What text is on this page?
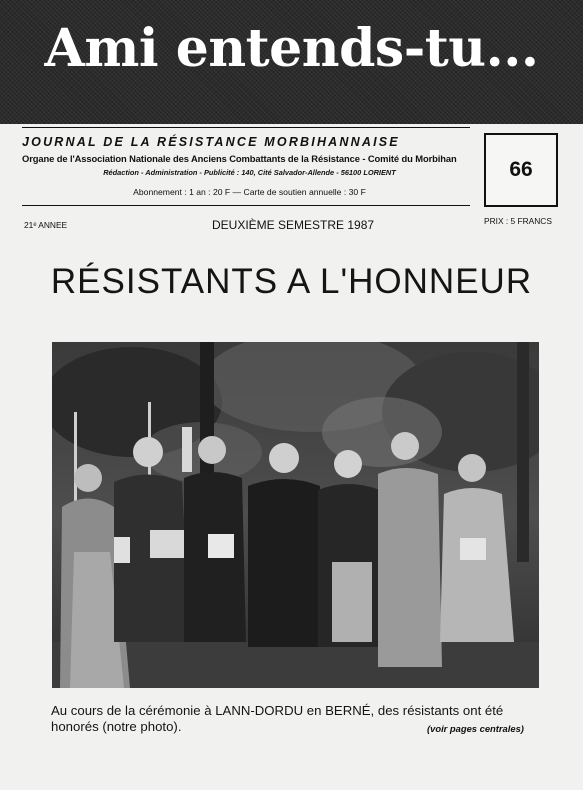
Ami entends-tu...
JOURNAL DE LA RÉSISTANCE MORBIHANNAISE
Organe de l'Association Nationale des Anciens Combattants de la Résistance - Comité du Morbihan
Rédaction - Administration - Publicité : 140, Cité Salvador-Allende - 56100 LORIENT
Abonnement : 1 an : 20 F — Carte de soutien annuelle : 30 F
66
21ᵉ ANNEE	DEUXIÈME SEMESTRE 1987	PRIX : 5 FRANCS
RÉSISTANTS A L'HONNEUR
Au cours de la cérémonie à LANN-DORDU en BERNÉ, des résistants ont été honorés (notre photo).	(voir pages centrales)
